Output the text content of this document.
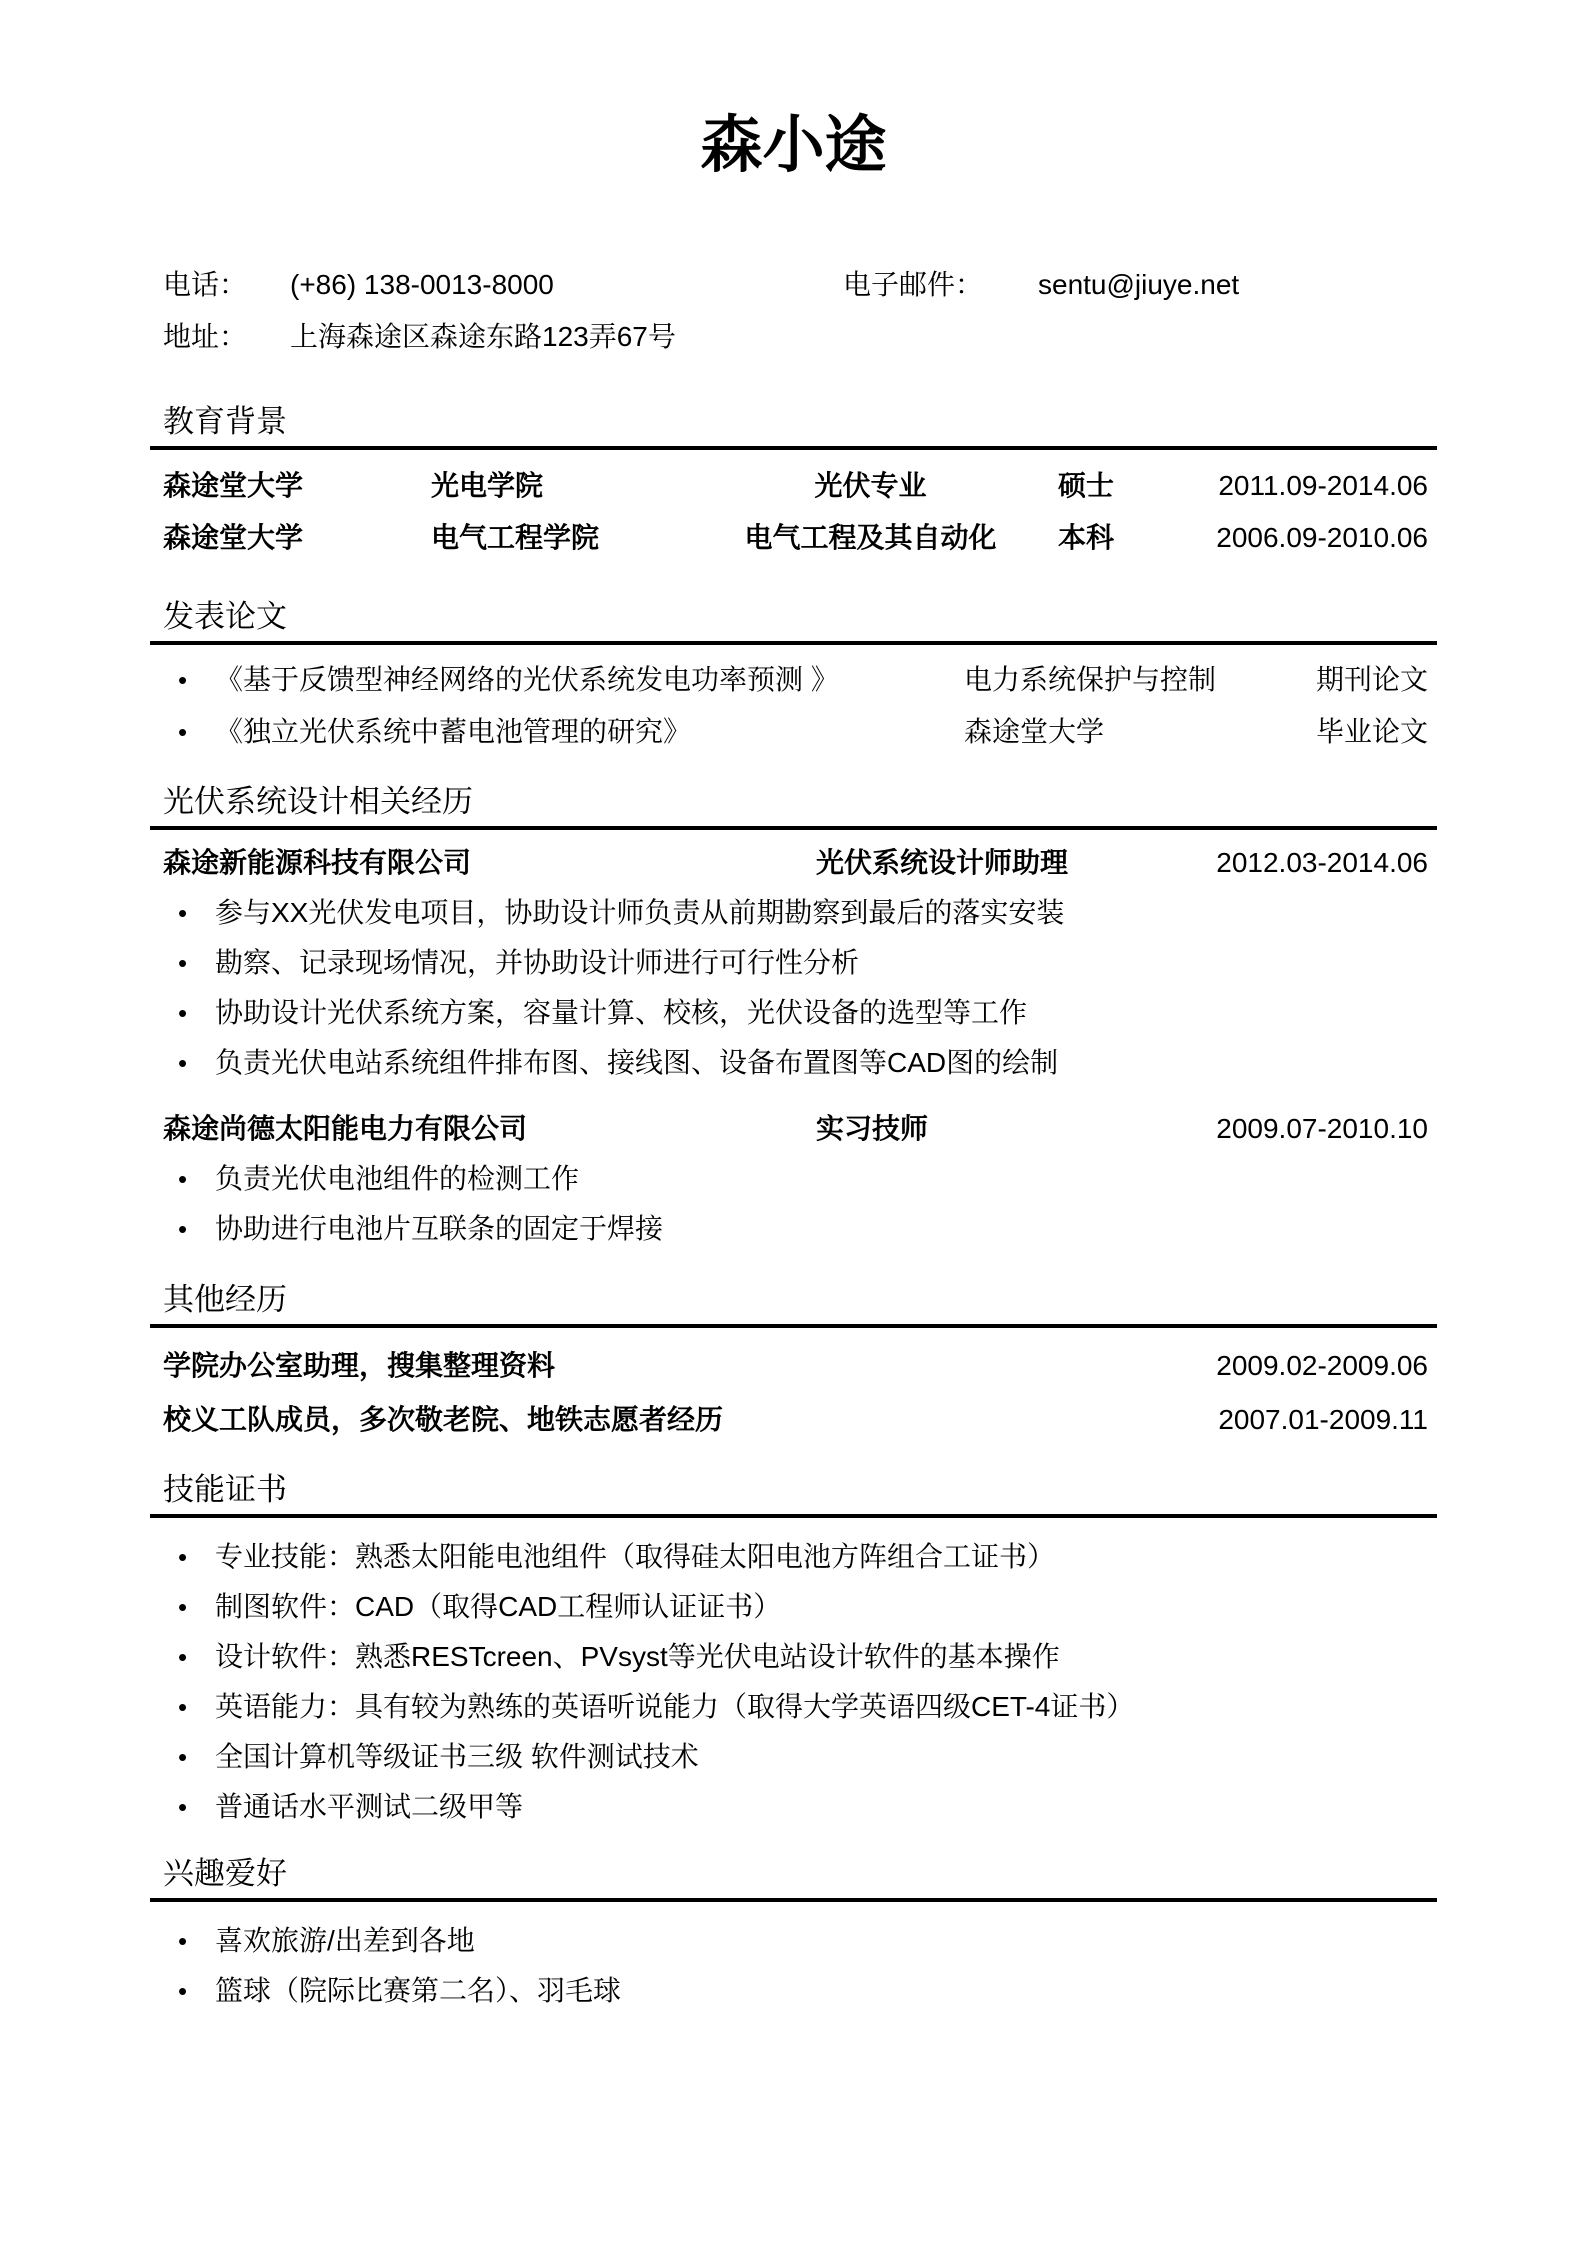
森小途
电话：	(+86) 138-0013-8000	电子邮件：	sentu@jiuye.net
地址：	上海森途区森途东路123弄67号
教育背景
森途堂大学	光电学院	光伏专业	硕士	2011.09-2014.06
森途堂大学	电气工程学院	电气工程及其自动化	本科	2006.09-2010.06
发表论文
• 《基于反馈型神经网络的光伏系统发电功率预测 》	电力系统保护与控制	期刊论文
• 《独立光伏系统中蓄电池管理的研究》	森途堂大学	毕业论文
光伏系统设计相关经历
森途新能源科技有限公司	光伏系统设计师助理	2012.03-2014.06
• 参与XX光伏发电项目，协助设计师负责从前期勘察到最后的落实安装
• 勘察、记录现场情况，并协助设计师进行可行性分析
• 协助设计光伏系统方案，容量计算、校核，光伏设备的选型等工作
• 负责光伏电站系统组件排布图、接线图、设备布置图等CAD图的绘制
森途尚德太阳能电力有限公司	实习技师	2009.07-2010.10
• 负责光伏电池组件的检测工作
• 协助进行电池片互联条的固定于焊接
其他经历
学院办公室助理，搜集整理资料	2009.02-2009.06
校义工队成员，多次敬老院、地铁志愿者经历	2007.01-2009.11
技能证书
• 专业技能：熟悉太阳能电池组件（取得硅太阳电池方阵组合工证书）
• 制图软件：CAD（取得CAD工程师认证证书）
• 设计软件：熟悉RESTcreen、PVsyst等光伏电站设计软件的基本操作
• 英语能力：具有较为熟练的英语听说能力（取得大学英语四级CET-4证书）
• 全国计算机等级证书三级 软件测试技术
• 普通话水平测试二级甲等
兴趣爱好
• 喜欢旅游/出差到各地
• 篮球（院际比赛第二名）、羽毛球
